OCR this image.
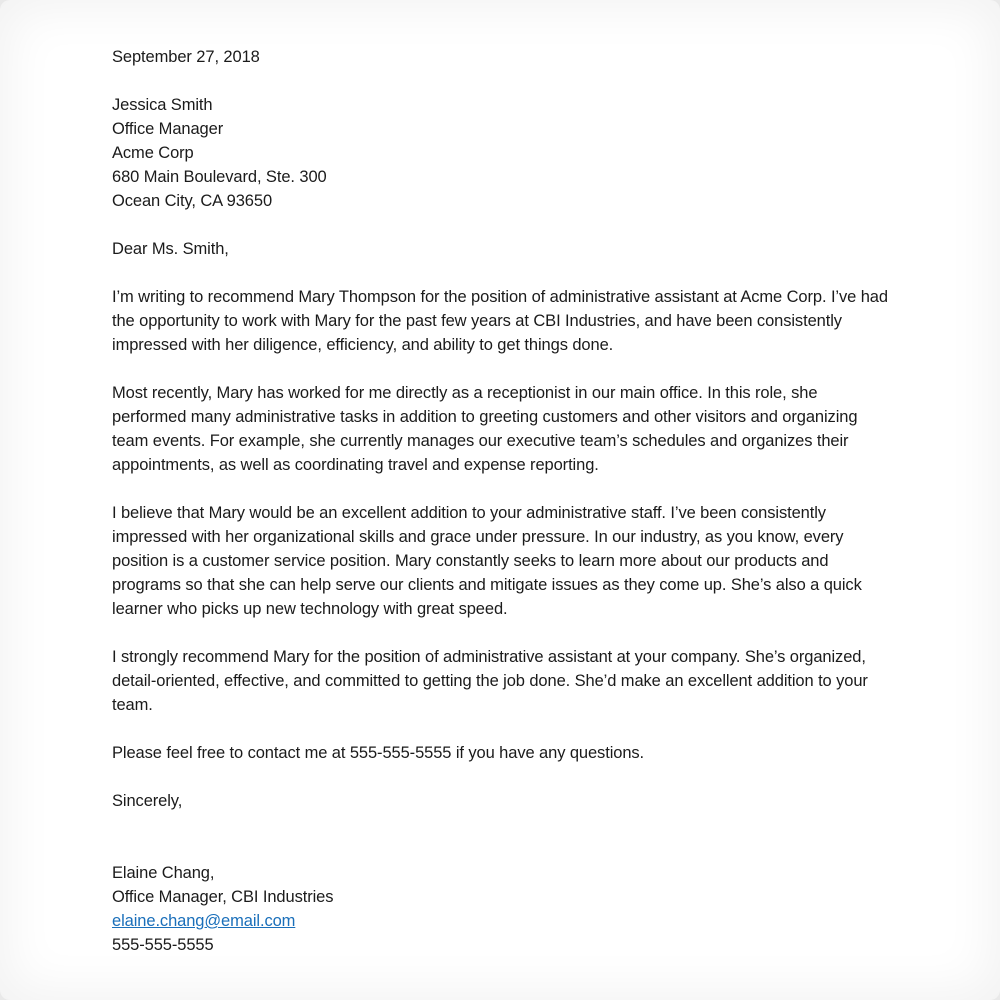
September 27, 2018

Jessica Smith

Office Manager

Acme Corp

680 Main Boulevard, Ste. 300

Ocean City, CA 93650

Dear Ms. Smith,

I’m writing to recommend Mary Thompson for the position of administrative assistant at Acme Corp. I’ve had the opportunity to work with Mary for the past few years at CBI Industries, and have been consistently impressed with her diligence, efficiency, and ability to get things done.

Most recently, Mary has worked for me directly as a receptionist in our main office. In this role, she performed many administrative tasks in addition to greeting customers and other visitors and organizing team events. For example, she currently manages our executive team’s schedules and organizes their appointments, as well as coordinating travel and expense reporting.

I believe that Mary would be an excellent addition to your administrative staff. I’ve been consistently impressed with her organizational skills and grace under pressure. In our industry, as you know, every position is a customer service position. Mary constantly seeks to learn more about our products and programs so that she can help serve our clients and mitigate issues as they come up. She’s also a quick learner who picks up new technology with great speed.

I strongly recommend Mary for the position of administrative assistant at your company. She’s organized, detail-oriented, effective, and committed to getting the job done. She’d make an excellent addition to your team.

Please feel free to contact me at 555-555-5555 if you have any questions.

Sincerely,

Elaine Chang,

Office Manager, CBI Industries

elaine.chang@email.com

555-555-5555
